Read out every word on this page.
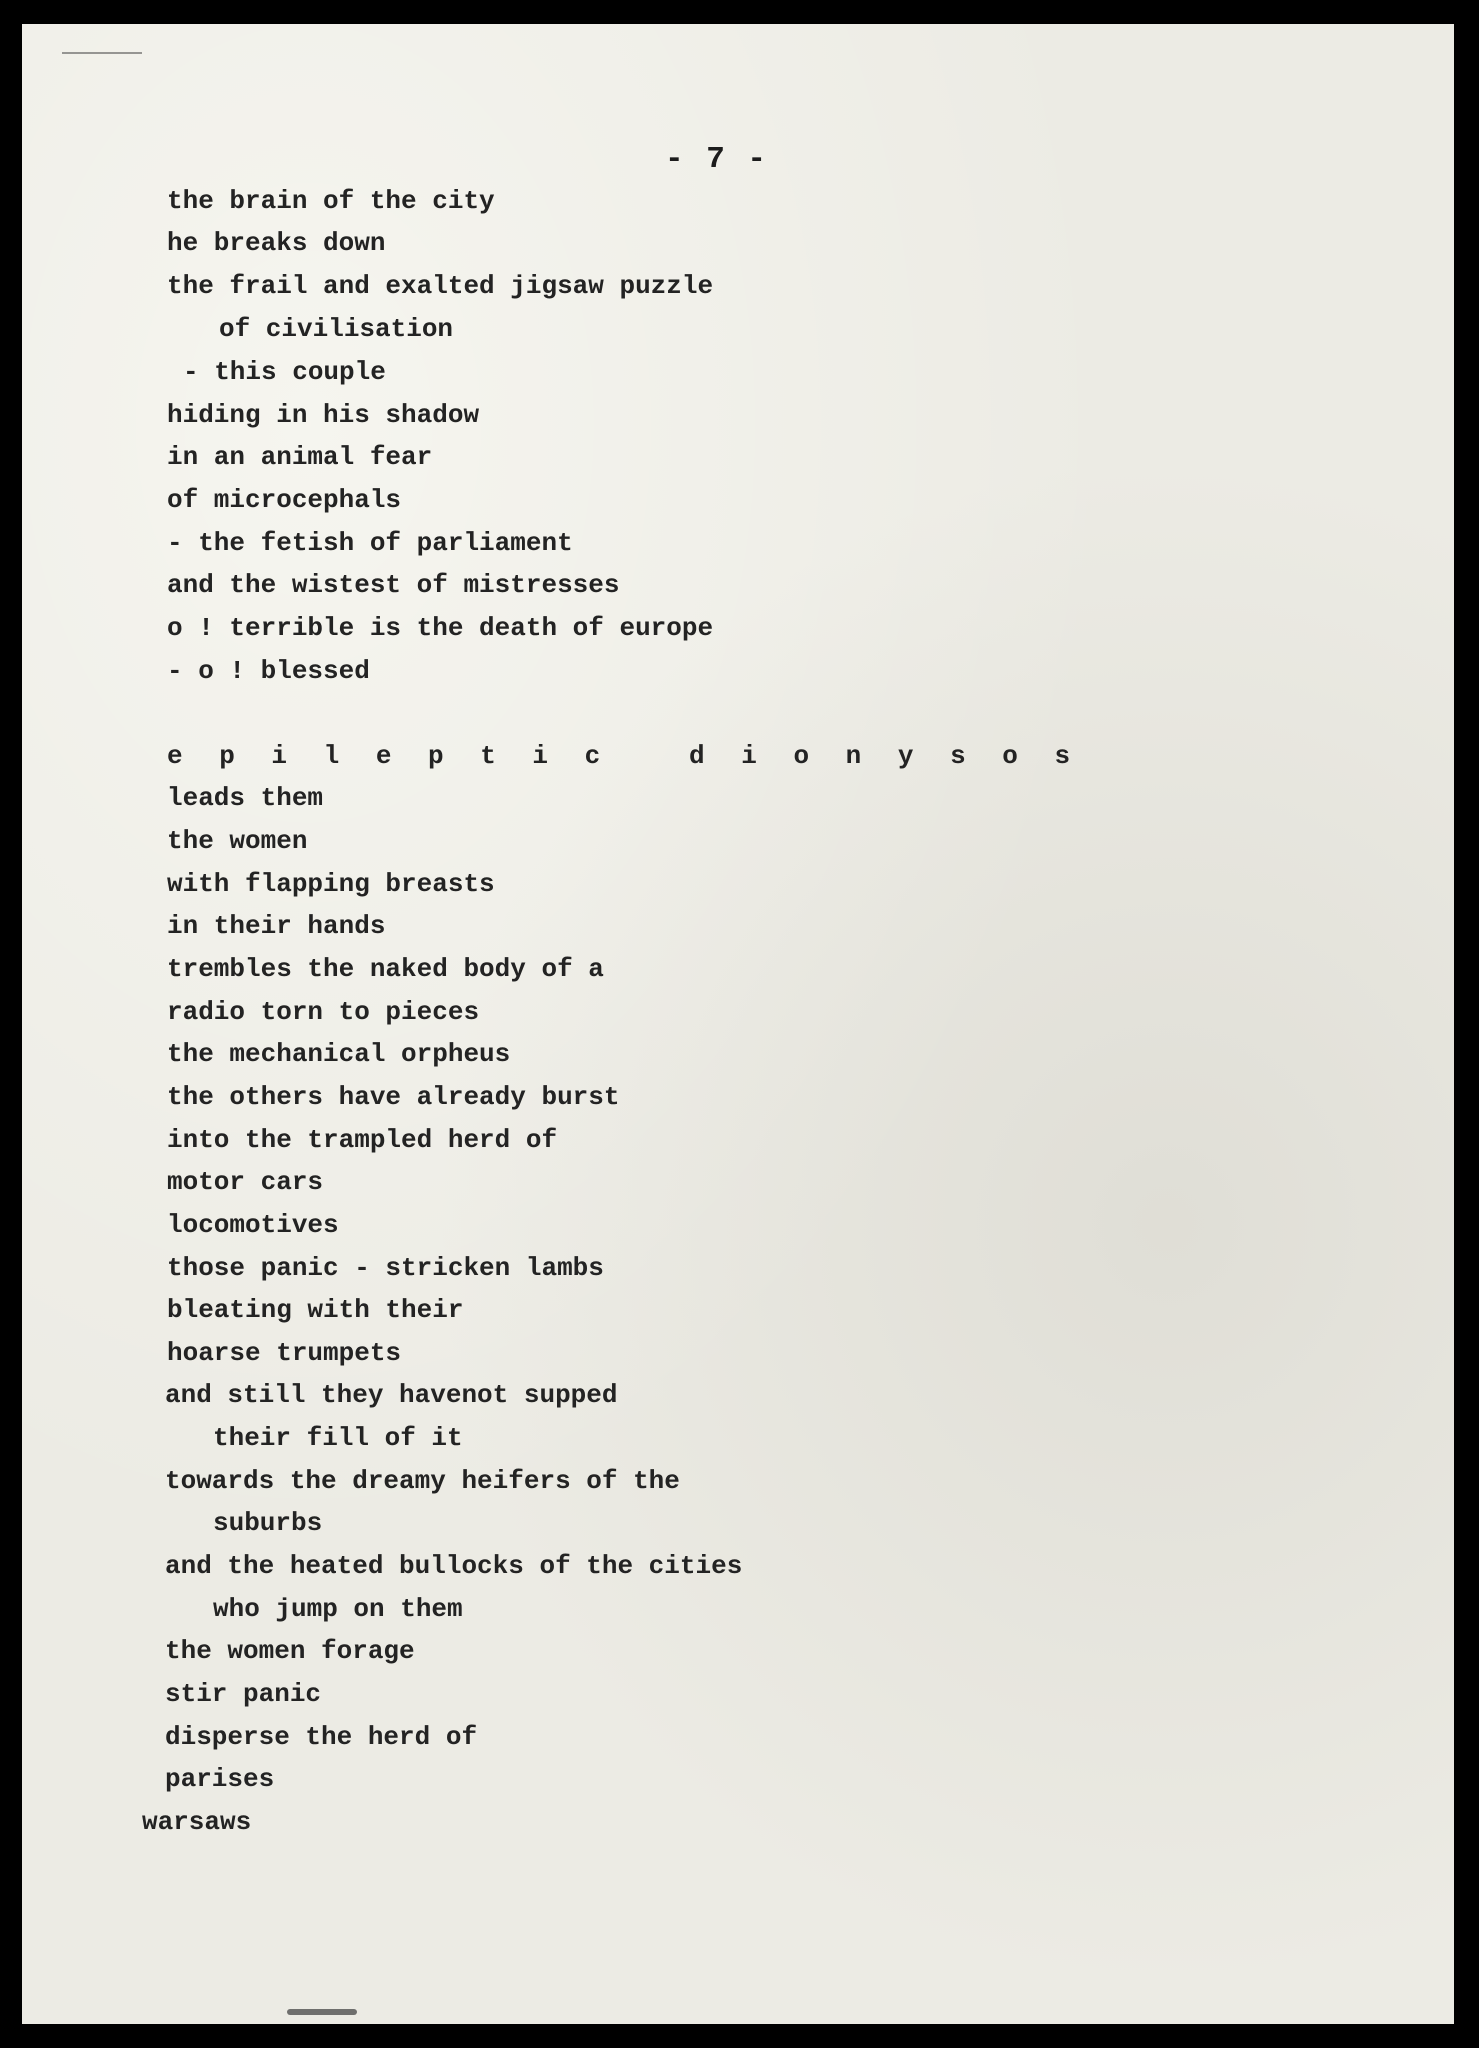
- 7 -
the brain of the city
he breaks down
the frail and exalted jigsaw puzzle
of civilisation
- this couple
hiding in his shadow
in an animal fear
of microcephals
- the fetish of parliament
and the wistest of mistresses
o ! terrible is the death of europe
- o ! blessed
e p i l e p t i c   d i o n y s o s
leads them
the women
with flapping breasts
in their hands
trembles the naked body of a
radio torn to pieces
the mechanical orpheus
the others have already burst
into the trampled herd of
motor cars
locomotives
those panic - stricken lambs
bleating with their
hoarse trumpets
and still they havenot supped
their fill of it
towards the dreamy heifers of the
suburbs
and the heated bullocks of the cities
who jump on them
the women forage
stir panic
disperse the herd of
parises
warsaws
